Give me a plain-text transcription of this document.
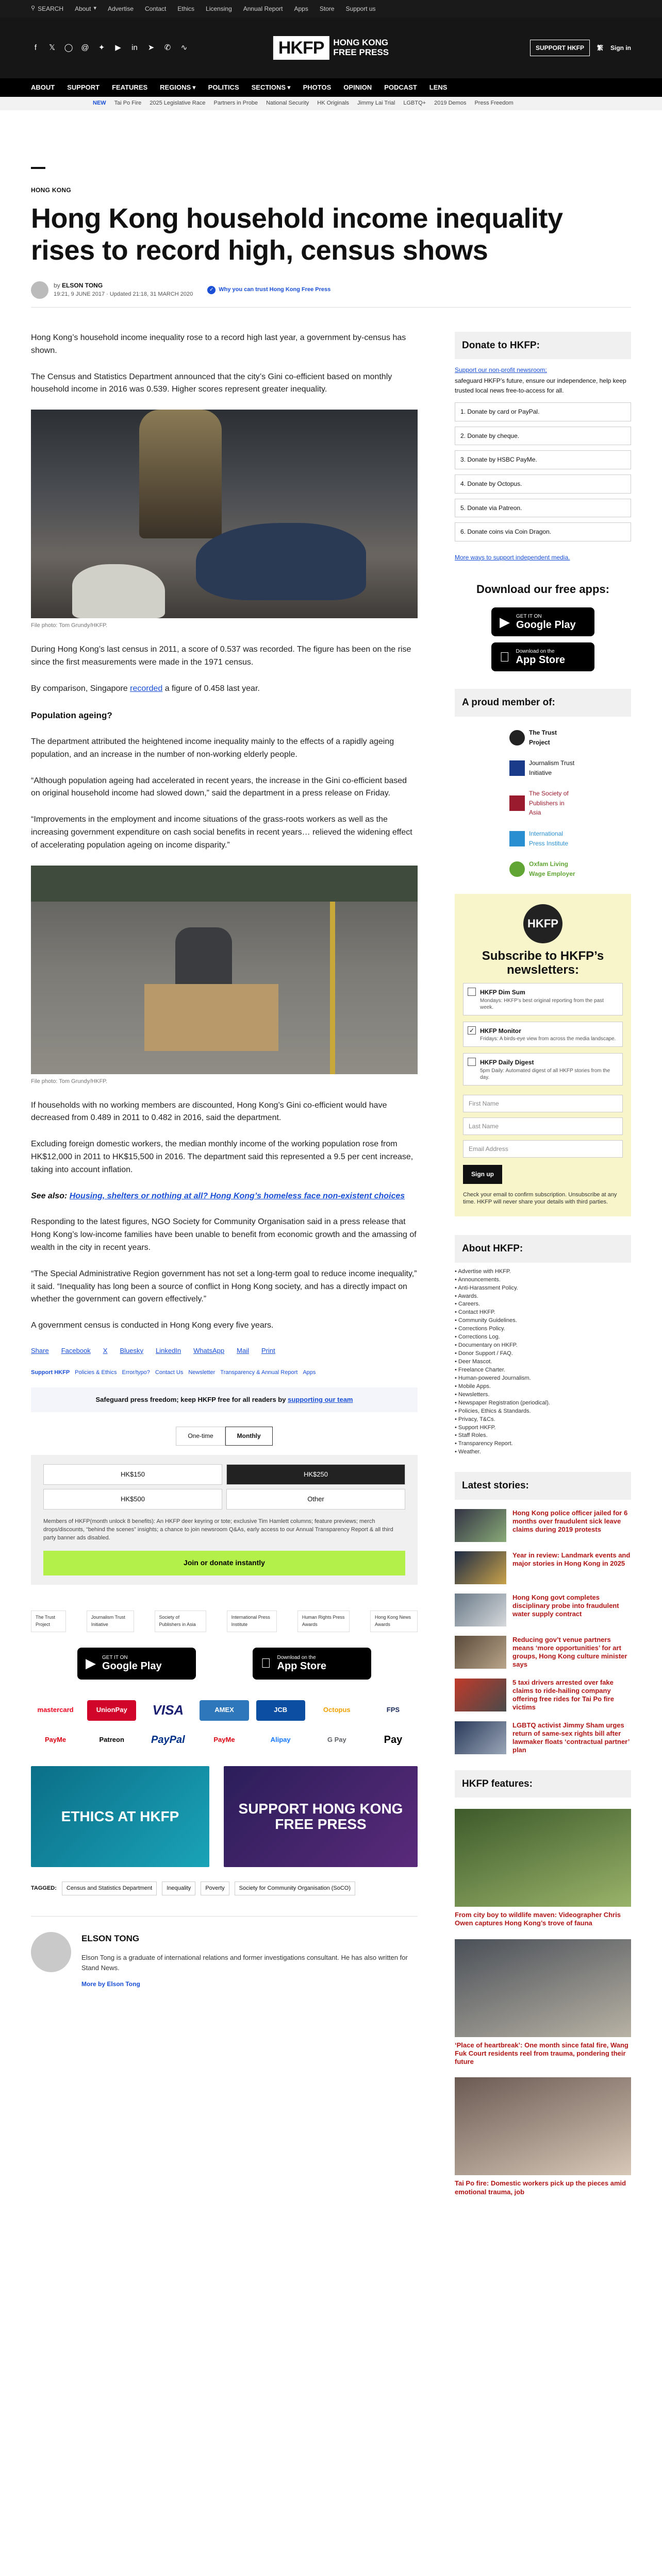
⚲ SEARCH About ▾ Advertise Contact Ethics Licensing Annual Report Apps Store Support us
f	𝕏 ◯ @ ✦ ▶ in ➤ ✆ ∿	HKFP	HONG KONG
FREE PRESS	SUPPORT HKFP	繁 Sign in
ABOUT SUPPORT FEATURES REGIONS ▾ POLITICS SECTIONS ▾ PHOTOS OPINION PODCAST LENS
NEW Tai Po Fire 2025 Legislative Race Partners in Probe National Security HK Originals Jimmy Lai Trial LGBTQ+ 2019 Demos Press Freedom
HONG KONG
Hong Kong household income inequality rises to record high, census shows
by ELSON TONG
19:21, 9 JUNE 2017 · Updated 21:18, 31 MARCH 2020
✓ Why you can trust Hong Kong Free Press

Hong Kong’s household income inequality rose to a record high last year, a government by-census has shown.

The Census and Statistics Department announced that the city’s Gini co-efficient based on monthly household income in 2016 was 0.539. Higher scores represent greater inequality.

File photo: Tom Grundy/HKFP.

During Hong Kong’s last census in 2011, a score of 0.537 was recorded. The figure has been on the rise since the first measurements were made in the 1971 census.

By comparison, Singapore recorded a figure of 0.458 last year.

Population ageing?

The department attributed the heightened income inequality mainly to the effects of a rapidly ageing population, and an increase in the number of non-working elderly people.

“Although population ageing had accelerated in recent years, the increase in the Gini co-efficient based on original household income had slowed down,” said the department in a press release on Friday.

“Improvements in the employment and income situations of the grass-roots workers as well as the increasing government expenditure on cash social benefits in recent years… relieved the widening effect of accelerating population ageing on income disparity.”

File photo: Tom Grundy/HKFP.

If households with no working members are discounted, Hong Kong’s Gini co-efficient would have decreased from 0.489 in 2011 to 0.482 in 2016, said the department.

Excluding foreign domestic workers, the median monthly income of the working population rose from HK$12,000 in 2011 to HK$15,500 in 2016. The department said this represented a 9.5 per cent increase, taking into account inflation.

See also: Housing, shelters or nothing at all? Hong Kong’s homeless face non-existent choices

Responding to the latest figures, NGO Society for Community Organisation said in a press release that Hong Kong’s low-income families have been unable to benefit from economic growth and the amassing of wealth in the city in recent years.

“The Special Administrative Region government has not set a long-term goal to reduce income inequality,” it said. “Inequality has long been a source of conflict in Hong Kong society, and has a directly impact on whether the government can govern effectively.”

A government census is conducted in Hong Kong every five years.

Share Facebook X Bluesky LinkedIn WhatsApp Mail Print
Support HKFP Policies & Ethics Error/typo? Contact Us Newsletter Transparency & Annual Report Apps
Safeguard press freedom; keep HKFP free for all readers by supporting our team
One-time	Monthly
HK$150	HK$250
HK$500	Other
Members of HKFP(month unlock 8 benefits): An HKFP deer keyring or tote; exclusive Tim Hamlett columns; feature previews; merch drops/discounts, “behind the scenes” insights; a chance to join newsroom Q&As, early access to our Annual Transparency Report & all third party banner ads disabled.
Join or donate instantly
The Trust Project
Journalism Trust Initiative
Society of Publishers in Asia
International Press Institute
Human Rights Press Awards
Hong Kong News Awards
▶ GET IT ON
Google Play
Download on the
App Store
mastercard	UnionPay	VISA	AMEX	JCB	Octopus	FPS
PayMe	Patreon	PayPal	PayMe	Alipay	G Pay	Pay
ETHICS AT HKFP	SUPPORT HONG KONG FREE PRESS
TAGGED:	Census and Statistics Department	Inequality	Poverty	Society for Community Organisation (SoCO)
ELSON TONG
Elson Tong is a graduate of international relations and former investigations consultant. He has also written for Stand News.
More by Elson Tong
Donate to HKFP:
Support our non-profit newsroom;

safeguard HKFP’s future, ensure our independence, help keep trusted local news free-to-access for all.

1. Donate by card or PayPal.
2. Donate by cheque.
3. Donate by HSBC PayMe.
4. Donate by Octopus.
5. Donate via Patreon.
6. Donate coins via Coin Dragon.
More ways to support independent media.
Download our free apps:
▶ GET IT ON
Google Play
Download on the
App Store
A proud member of:
The Trust Project
Journalism Trust Initiative
The Society of Publishers in Asia
International Press Institute
Oxfam Living Wage Employer
HKFP
Subscribe to HKFP’s newsletters:
HKFP Dim Sum
Mondays: HKFP’s best original reporting from the past week.
✓ HKFP Monitor
Fridays: A birds-eye view from across the media landscape.
HKFP Daily Digest
5pm Daily: Automated digest of all HKFP stories from the day.
First Name
Last Name
Email Address
Sign up
Check your email to confirm subscription. Unsubscribe at any time. HKFP will never share your details with third parties.
About HKFP:
• Advertise with HKFP.
• Announcements.
• Anti-Harassment Policy.
• Awards.
• Careers.
• Contact HKFP.
• Community Guidelines.
• Corrections Policy.
• Corrections Log.
• Documentary on HKFP.
• Donor Support / FAQ.
• Deer Mascot.
• Freelance Charter.
• Human-powered Journalism.
• Mobile Apps.
• Newsletters.
• Newspaper Registration (periodical).
• Policies, Ethics & Standards.
• Privacy, T&Cs.
• Support HKFP.
• Staff Roles.
• Transparency Report.
• Weather.
Latest stories:
Hong Kong police officer jailed for 6 months over fraudulent sick leave claims during 2019 protests
Year in review: Landmark events and major stories in Hong Kong in 2025
Hong Kong govt completes disciplinary probe into fraudulent water supply contract
Reducing gov’t venue partners means ‘more opportunities’ for art groups, Hong Kong culture minister says
5 taxi drivers arrested over fake claims to ride-hailing company offering free rides for Tai Po fire victims
LGBTQ activist Jimmy Sham urges return of same-sex rights bill after lawmaker floats ‘contractual partner’ plan
HKFP features:
From city boy to wildlife maven: Videographer Chris Owen captures Hong Kong’s trove of fauna
‘Place of heartbreak’: One month since fatal fire, Wang Fuk Court residents reel from trauma, pondering their future
Tai Po fire: Domestic workers pick up the pieces amid emotional trauma, job
